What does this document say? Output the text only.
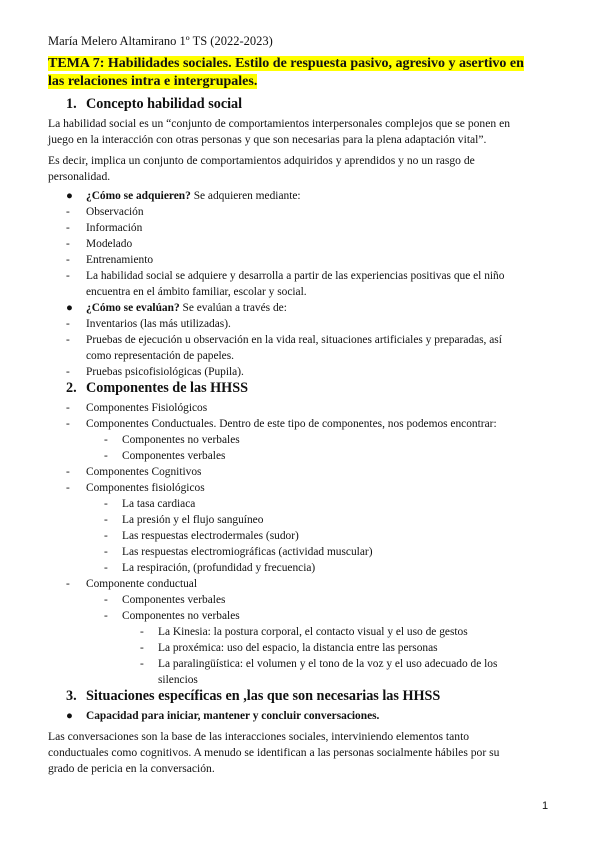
María Melero Altamirano 1º TS (2022-2023)
TEMA 7: Habilidades sociales. Estilo de respuesta pasivo, agresivo y asertivo en
las relaciones intra e intergrupales.
1. Concepto habilidad social
La habilidad social es un “conjunto de comportamientos interpersonales complejos que se ponen en
juego en la interacción con otras personas y que son necesarias para la plena adaptación vital”.
Es decir, implica un conjunto de comportamientos adquiridos y aprendidos y no un rasgo de
personalidad.
● ¿Cómo se adquieren? Se adquieren mediante:
- Observación
- Información
- Modelado
- Entrenamiento
- La habilidad social se adquiere y desarrolla a partir de las experiencias positivas que el niño
encuentra en el ámbito familiar, escolar y social.
● ¿Cómo se evalúan? Se evalúan a través de:
- Inventarios (las más utilizadas).
- Pruebas de ejecución u observación en la vida real, situaciones artificiales y preparadas, así
como representación de papeles.
- Pruebas psicofisiológicas (Pupila).
2. Componentes de las HHSS
- Componentes Fisiológicos
- Componentes Conductuales. Dentro de este tipo de componentes, nos podemos encontrar:
- Componentes no verbales
- Componentes verbales
- Componentes Cognitivos
- Componentes fisiológicos
- La tasa cardiaca
- La presión y el flujo sanguíneo
- Las respuestas electrodermales (sudor)
- Las respuestas electromiográficas (actividad muscular)
- La respiración, (profundidad y frecuencia)
- Componente conductual
- Componentes verbales
- Componentes no verbales
- La Kinesia: la postura corporal, el contacto visual y el uso de gestos
- La proxémica: uso del espacio, la distancia entre las personas
- La paralingüística: el volumen y el tono de la voz y el uso adecuado de los
silencios
3. Situaciones específicas en ,las que son necesarias las HHSS
● Capacidad para iniciar, mantener y concluir conversaciones.
Las conversaciones son la base de las interacciones sociales, interviniendo elementos tanto
conductuales como cognitivos. A menudo se identifican a las personas socialmente hábiles por su
grado de pericia en la conversación.
1
